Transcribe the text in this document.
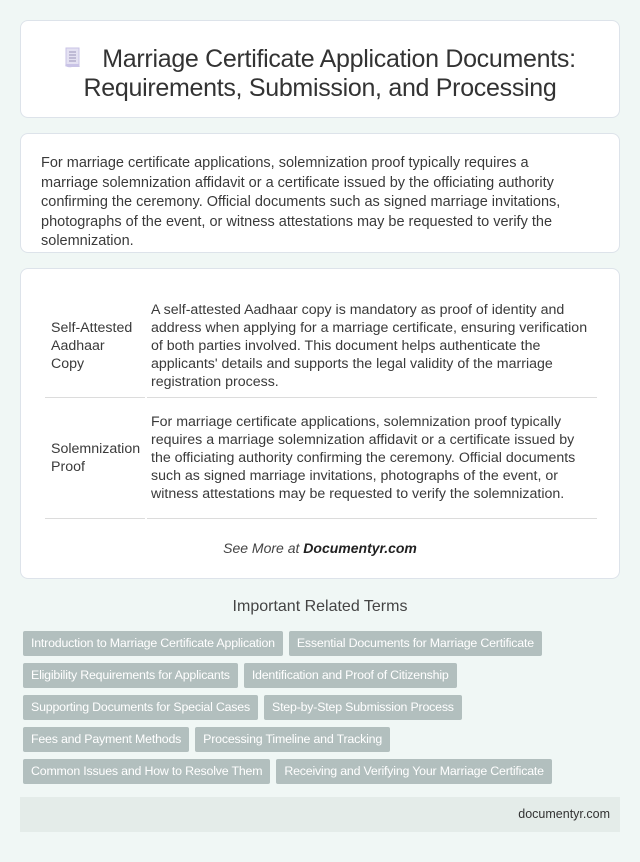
Marriage Certificate Application Documents: Requirements, Submission, and Processing

For marriage certificate applications, solemnization proof typically requires a marriage solemnization affidavit or a certificate issued by the officiating authority confirming the ceremony. Official documents such as signed marriage invitations, photographs of the event, or witness attestations may be requested to verify the solemnization.

Self-Attested Aadhaar Copy	A self-attested Aadhaar copy is mandatory as proof of identity and address when applying for a marriage certificate, ensuring verification of both parties involved. This document helps authenticate the applicants' details and supports the legal validity of the marriage registration process.
Solemnization Proof	For marriage certificate applications, solemnization proof typically requires a marriage solemnization affidavit or a certificate issued by the officiating authority confirming the ceremony. Official documents such as signed marriage invitations, photographs of the event, or witness attestations may be requested to verify the solemnization.
See More at Documentyr.com
Important Related Terms
Introduction to Marriage Certificate Application	Essential Documents for Marriage Certificate
Eligibility Requirements for Applicants	Identification and Proof of Citizenship
Supporting Documents for Special Cases	Step-by-Step Submission Process
Fees and Payment Methods	Processing Timeline and Tracking
Common Issues and How to Resolve Them	Receiving and Verifying Your Marriage Certificate
documentyr.com
